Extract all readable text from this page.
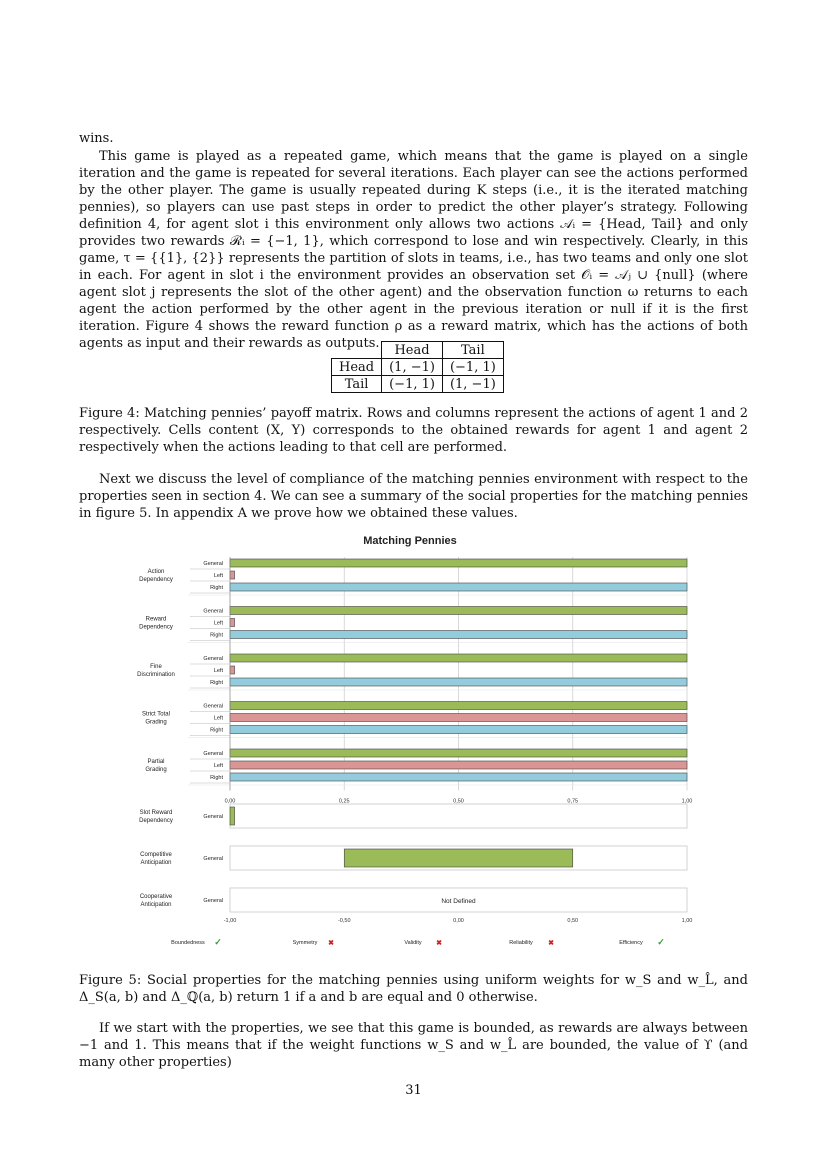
wins.

This game is played as a repeated game, which means that the game is played on a single iteration and the game is repeated for several iterations. Each player can see the actions performed by the other player. The game is usually repeated during K steps (i.e., it is the iterated matching pennies), so players can use past steps in order to predict the other player’s strategy. Following definition 4, for agent slot i this environment only allows two actions 𝒜ᵢ = {Head, Tail} and only provides two rewards ℛᵢ = {−1, 1}, which correspond to lose and win respectively. Clearly, in this game, τ = {{1}, {2}} represents the partition of slots in teams, i.e., has two teams and only one slot in each. For agent in slot i the environment provides an observation set 𝒪ᵢ = 𝒜ⱼ ∪ {null} (where agent slot j represents the slot of the other agent) and the observation function ω returns to each agent the action performed by the other agent in the previous iteration or null if it is the first iteration. Figure 4 shows the reward function ρ as a reward matrix, which has the actions of both agents as input and their rewards as outputs.

		Head	Tail
Head	(1, −1)	(−1, 1)
Tail	(−1, 1)	(1, −1)

Figure 4: Matching pennies’ payoff matrix. Rows and columns represent the actions of agent 1 and 2 respectively. Cells content (X, Y) corresponds to the obtained rewards for agent 1 and agent 2 respectively when the actions leading to that cell are performed.

Next we discuss the level of compliance of the matching pennies environment with respect to the properties seen in section 4. We can see a summary of the social properties for the matching pennies in figure 5. In appendix A we prove how we obtained these values.

Matching Pennies
0,00	0,25	0,50	0,75	1,00
Action
Dependency
General
Left
Right
Reward
Dependency
General
Left
Right
Fine
Discrimination
General
Left
Right
Strict Total
Grading
General
Left
Right
Partial
Grading
General
Left
Right
Slot Reward
Dependency
General
Competitive
Anticipation
General
Cooperative
Anticipation
General	Not Defined
-1,00	-0,50	0,00	0,50	1,00
Boundedness ✓	Symmetry ✖	Validity ✖	Reliability ✖	Efficiency ✓

Figure 5: Social properties for the matching pennies using uniform weights for w_S and w_L̂, and Δ_S(a, b) and Δ_ℚ(a, b) return 1 if a and b are equal and 0 otherwise.

If we start with the properties, we see that this game is bounded, as rewards are always between −1 and 1. This means that if the weight functions w_S and w_L̂ are bounded, the value of ϒ (and many other properties)

31
